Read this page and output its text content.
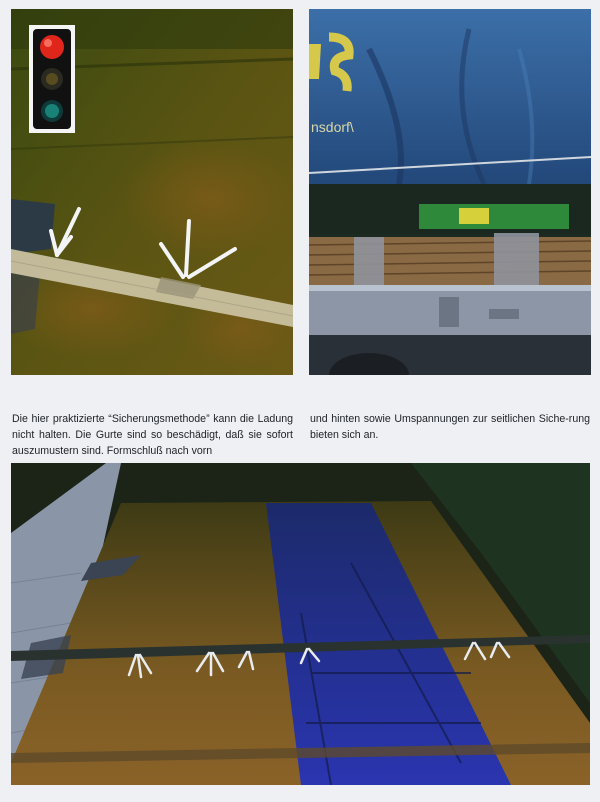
nsdorf\

Die hier praktizierte “Sicherungsmethode” kann die Ladung nicht halten. Die Gurte sind so beschädigt, daß sie sofort auszumustern sind. Formschluß nach vorn

und hinten sowie Umspannungen zur seitlichen Siche-rung bieten sich an.
